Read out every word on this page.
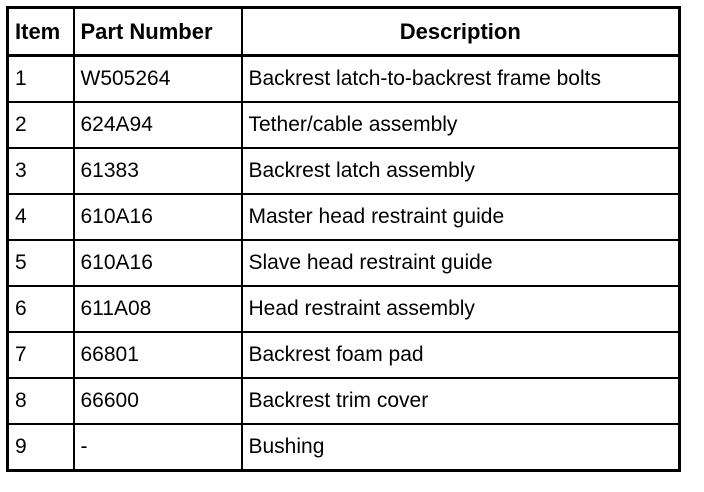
Item	Part Number	Description
1	W505264	Backrest latch-to-backrest frame bolts
2	624A94	Tether/cable assembly
3	61383	Backrest latch assembly
4	610A16	Master head restraint guide
5	610A16	Slave head restraint guide
6	611A08	Head restraint assembly
7	66801	Backrest foam pad
8	66600	Backrest trim cover
9	-	Bushing
